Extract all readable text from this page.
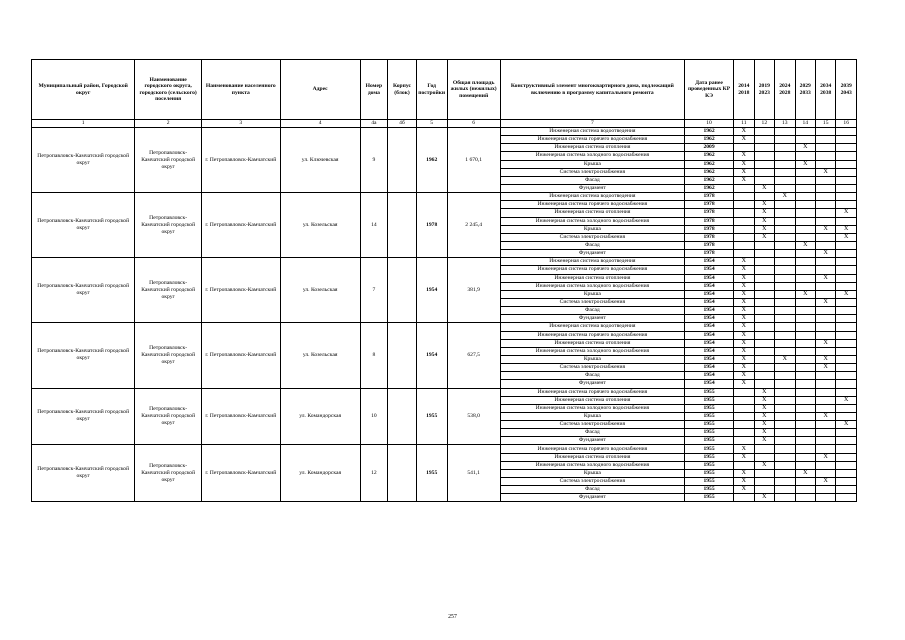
Муниципальный район, Городской округ	Наименование городского округа, городского (сельского) поселения	Наименование населенного пункта	Адрес	Номер дома	Корпус (блок)	Год постройки	Общая площадь жилых (нежилых) помещений	Конструктивный элемент многоквартирного дома, подлежащий включению в программу капитального ремонта	Дата ранее проведенных КР КЭ	2014 2018	2019 2023	2024 2028	2029 2033	2034 2038	2039 2043
1	2	3	4	4а	4б	5	6	7	10	11	12	13	14	15	16
Петропавловск-Камчатский городской округ	Петропавловск-Камчатский городской округ	г. Петропавловск-Камчатский	ул. Ключевская	9		1962	1 670,1	Инженерная система водоотведения	1962	X					
								Инженерная система горячего водоснабжения	1962	X					
								Инженерная система отопления	2009				X		
								Инженерная система холодного водоснабжения	1962	X					
								Крыша	1962	X			X		
								Система электроснабжения	1962	X				X	
								Фасад	1962	X					
								Фундамент	1962		X				
Петропавловск-Камчатский городской округ	Петропавловск-Камчатский городской округ	г. Петропавловск-Камчатский	ул. Козельская	14		1978	2 245,4	Инженерная система водоотведения	1978			X			
								Инженерная система горячего водоснабжения	1978		X				
								Инженерная система отопления	1978		X				X
								Инженерная система холодного водоснабжения	1978		X				
								Крыша	1978		X			X	X
								Система электроснабжения	1978		X				X
								Фасад	1978				X		
								Фундамент	1978					X	
Петропавловск-Камчатский городской округ	Петропавловск-Камчатский городской округ	г. Петропавловск-Камчатский	ул. Козельская	7		1954	381,9	Инженерная система водоотведения	1954	X					
								Инженерная система горячего водоснабжения	1954	X					
								Инженерная система отопления	1954	X				X	
								Инженерная система холодного водоснабжения	1954	X					
								Крыша	1954	X			X		X
								Система электроснабжения	1954	X				X	
								Фасад	1954	X					
								Фундамент	1954	X					
Петропавловск-Камчатский городской округ	Петропавловск-Камчатский городской округ	г. Петропавловск-Камчатский	ул. Козельская	8		1954	627,5	Инженерная система водоотведения	1954	X					
								Инженерная система горячего водоснабжения	1954	X					
								Инженерная система отопления	1954	X				X	
								Инженерная система холодного водоснабжения	1954	X					
								Крыша	1954	X		X		X	
								Система электроснабжения	1954	X				X	
								Фасад	1954	X					
								Фундамент	1954	X					
Петропавловск-Камчатский городской округ	Петропавловск-Камчатский городской округ	г. Петропавловск-Камчатский	ул. Командорская	10		1955	538,0	Инженерная система горячего водоснабжения	1955		X				
								Инженерная система отопления	1955		X				X
								Инженерная система холодного водоснабжения	1955		X				
								Крыша	1955		X			X	
								Система электроснабжения	1955		X				X
								Фасад	1955		X				
								Фундамент	1955		X				
Петропавловск-Камчатский городской округ	Петропавловск-Камчатский городской округ	г. Петропавловск-Камчатский	ул. Командорская	12		1955	541,1	Инженерная система горячего водоснабжения	1955	X					
								Инженерная система отопления	1955	X				X	
								Инженерная система холодного водоснабжения	1955		X				
								Крыша	1955	X			X		
								Система электроснабжения	1955	X				X	
								Фасад	1955	X					
								Фундамент	1955		X				
257
